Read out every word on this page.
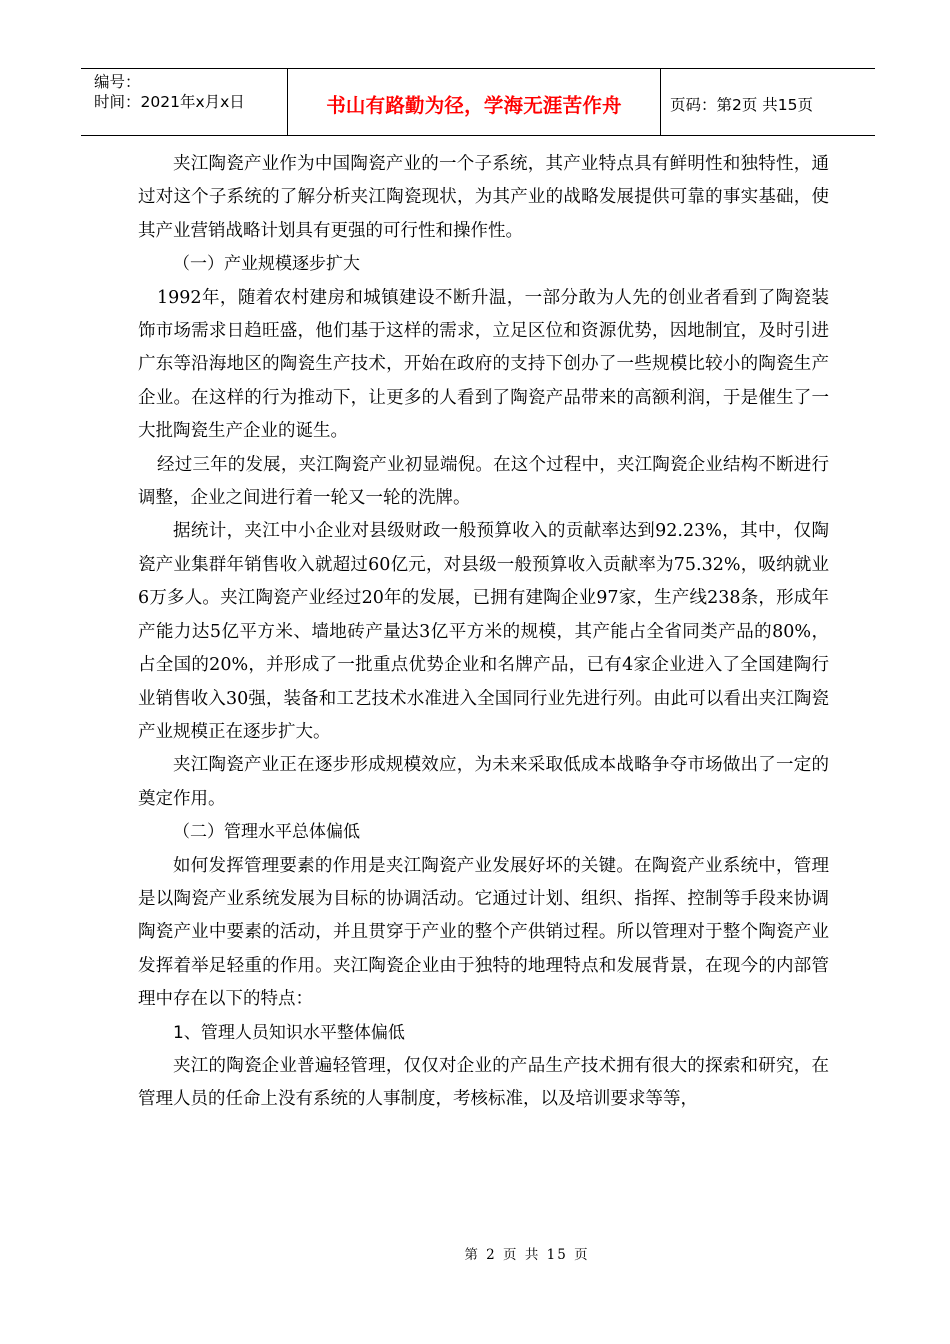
编号：
时间：2021年x月x日	书山有路勤为径，学海无涯苦作舟	页码：第2页 共15页

夹江陶瓷产业作为中国陶瓷产业的一个子系统，其产业特点具有鲜明性和独特性，通过对这个子系统的了解分析夹江陶瓷现状，为其产业的战略发展提供可靠的事实基础，使其产业营销战略计划具有更强的可行性和操作性。

（一）产业规模逐步扩大

1992年，随着农村建房和城镇建设不断升温，一部分敢为人先的创业者看到了陶瓷装饰市场需求日趋旺盛，他们基于这样的需求，立足区位和资源优势，因地制宜，及时引进广东等沿海地区的陶瓷生产技术，开始在政府的支持下创办了一些规模比较小的陶瓷生产企业。在这样的行为推动下，让更多的人看到了陶瓷产品带来的高额利润，于是催生了一大批陶瓷生产企业的诞生。

经过三年的发展，夹江陶瓷产业初显端倪。在这个过程中，夹江陶瓷企业结构不断进行调整，企业之间进行着一轮又一轮的洗牌。

据统计，夹江中小企业对县级财政一般预算收入的贡献率达到92.23%，其中，仅陶瓷产业集群年销售收入就超过60亿元，对县级一般预算收入贡献率为75.32%，吸纳就业6万多人。夹江陶瓷产业经过20年的发展，已拥有建陶企业97家，生产线238条，形成年产能力达5亿平方米、墙地砖产量达3亿平方米的规模，其产能占全省同类产品的80%，占全国的20%，并形成了一批重点优势企业和名牌产品，已有4家企业进入了全国建陶行业销售收入30强，装备和工艺技术水准进入全国同行业先进行列。由此可以看出夹江陶瓷产业规模正在逐步扩大。

夹江陶瓷产业正在逐步形成规模效应，为未来采取低成本战略争夺市场做出了一定的奠定作用。

（二）管理水平总体偏低

如何发挥管理要素的作用是夹江陶瓷产业发展好坏的关键。在陶瓷产业系统中，管理是以陶瓷产业系统发展为目标的协调活动。它通过计划、组织、指挥、控制等手段来协调陶瓷产业中要素的活动，并且贯穿于产业的整个产供销过程。所以管理对于整个陶瓷产业发挥着举足轻重的作用。夹江陶瓷企业由于独特的地理特点和发展背景，在现今的内部管理中存在以下的特点：

1、管理人员知识水平整体偏低

夹江的陶瓷企业普遍轻管理，仅仅对企业的产品生产技术拥有很大的探索和研究，在管理人员的任命上没有系统的人事制度，考核标准，以及培训要求等等，

第 2 页 共 15 页
